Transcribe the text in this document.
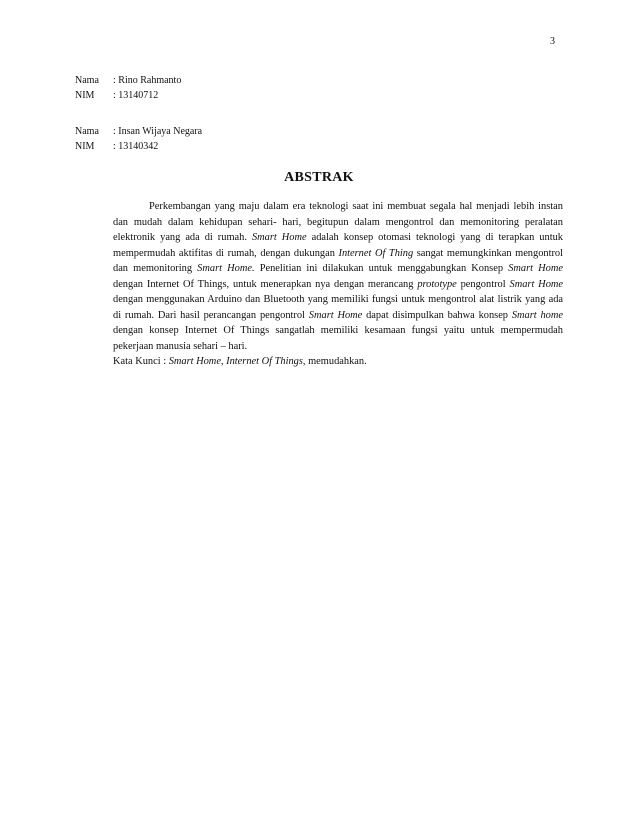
3
Nama	: Rino Rahmanto
NIM	: 13140712
Nama	: Insan Wijaya Negara
NIM	: 13140342
ABSTRAK

Perkembangan yang maju dalam era teknologi saat ini membuat segala hal menjadi lebih instan dan mudah dalam kehidupan sehari- hari, begitupun dalam mengontrol dan memonitoring peralatan elektronik yang ada di rumah. Smart Home adalah konsep otomasi teknologi yang di terapkan untuk mempermudah aktifitas di rumah, dengan dukungan Internet Of Thing sangat memungkinkan mengontrol dan memonitoring Smart Home. Penelitian ini dilakukan untuk menggabungkan Konsep Smart Home dengan Internet Of Things, untuk menerapkan nya dengan merancang prototype pengontrol Smart Home dengan menggunakan Arduino dan Bluetooth yang memiliki fungsi untuk mengontrol alat listrik yang ada di rumah. Dari hasil perancangan pengontrol Smart Home dapat disimpulkan bahwa konsep Smart home dengan konsep Internet Of Things sangatlah memiliki kesamaan fungsi yaitu untuk mempermudah pekerjaan manusia sehari – hari.

Kata Kunci : Smart Home, Internet Of Things, memudahkan.
